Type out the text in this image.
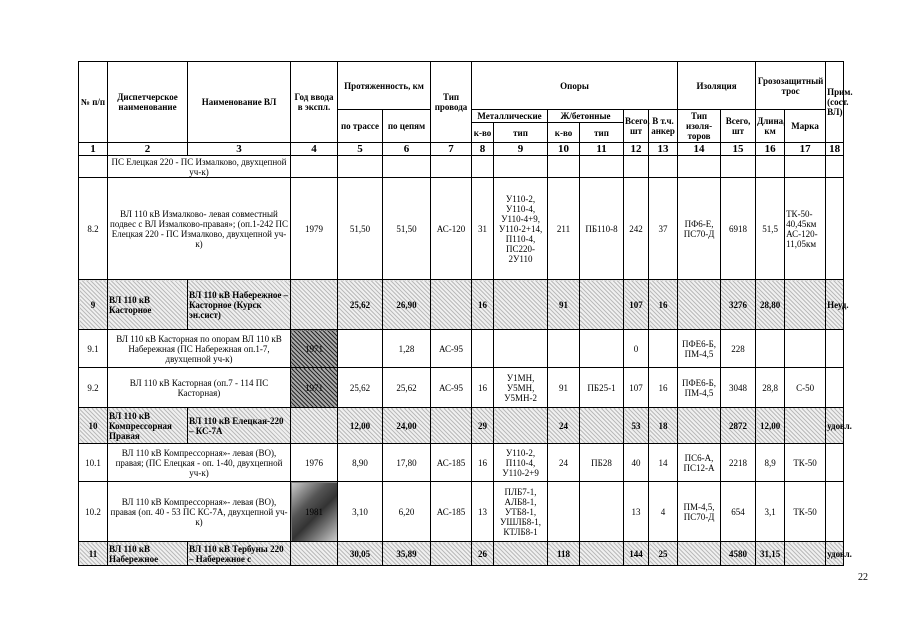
№ п/п	Диспетчерское наименование	Наименование ВЛ	Год ввода в экспл.	Протяженность, км		Тип провода	Опоры						Изоляция		Грозозащитный трос		Прим. (сост. ВЛ)
				по трассе	по цепям		Металлические		Ж/бетонные		Всего, шт	В т.ч. анкер	Тип изоля-торов	Всего, шт	Длина, км	Марка	
							к-во	тип	к-во	тип							
1	2	3	4	5	6	7	8	9	10	11	12	13	14	15	16	17	18
	ПС Елецкая 220 - ПС Измалково, двухцепной уч-к)																
8.2	ВЛ 110 кВ Измалково- левая совместный подвес с ВЛ Измалково-правая»; (оп.1-242 ПС Елецкая 220 - ПС Измалково, двухцепной уч-к)		1979	51,50	51,50	АС-120	31	У110-2, У110-4, У110-4+9, У110-2+14, П110-4, ПС220-2У110	211	ПБ110-8	242	37	ПФ6-Е, ПС70-Д	6918	51,5	ТК-50-40,45км АС-120-11,05км	
9	ВЛ 110 кВ Касторное	ВЛ 110 кВ Набережное – Касторное (Курск эн.сист)		25,62	26,90		16		91		107	16		3276	28,80		Неуд.
9.1	ВЛ 110 кВ Касторная по опорам ВЛ 110 кВ Набережная (ПС Набережная оп.1-7, двухцепной уч-к)		1971		1,28	АС-95					0		ПФЕ6-Б, ПМ-4,5	228			
9.2	ВЛ 110 кВ Касторная (оп.7 - 114 ПС Касторная)		1971	25,62	25,62	АС-95	16	У1МН, У5МН, У5МН-2	91	ПБ25-1	107	16	ПФЕ6-Б, ПМ-4,5	3048	28,8	С-50	
10	ВЛ 110 кВ Компрессорная Правая	ВЛ 110 кВ Елецкая-220 – КС-7А		12,00	24,00		29		24		53	18		2872	12,00		удовл.
10.1	ВЛ 110 кВ Компрессорная»- левая (ВО), правая; (ПС Елецкая - оп. 1-40, двухцепной уч-к)		1976	8,90	17,80	АС-185	16	У110-2, П110-4, У110-2+9	24	ПБ28	40	14	ПС6-А, ПС12-А	2218	8,9	ТК-50	
10.2	ВЛ 110 кВ Компрессорная»- левая (ВО), правая (оп. 40 - 53 ПС КС-7А, двухцепной уч-к)		1981	3,10	6,20	АС-185	13	ПЛБ7-1, АЛБ8-1, УТБ8-1, УШЛБ8-1, КТЛБ8-1			13	4	ПМ-4,5, ПС70-Д	654	3,1	ТК-50	
11	ВЛ 110 кВ Набережное	ВЛ 110 кВ Тербуны 220 – Набережное с		30,05	35,89		26		118		144	25		4580	31,15		удовл.
22
